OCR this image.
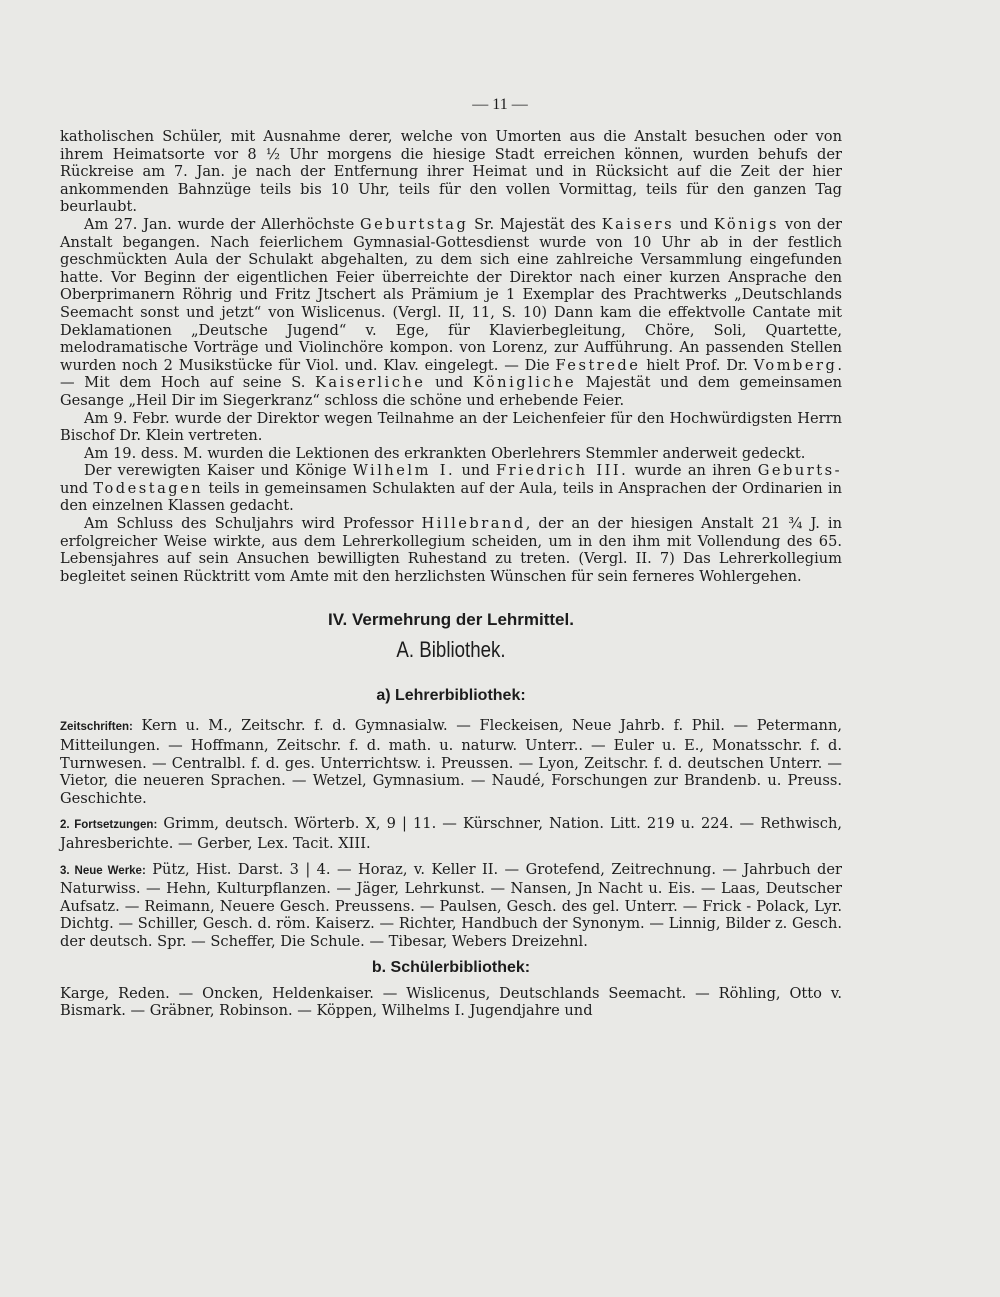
— 11 —

katholischen Schüler, mit Ausnahme derer, welche von Umorten aus die Anstalt besuchen oder von ihrem Heimatsorte vor 8 ½ Uhr morgens die hiesige Stadt erreichen können, wurden behufs der Rückreise am 7. Jan. je nach der Entfernung ihrer Heimat und in Rücksicht auf die Zeit der hier ankommenden Bahnzüge teils bis 10 Uhr, teils für den vollen Vormittag, teils für den ganzen Tag beurlaubt.

Am 27. Jan. wurde der Allerhöchste Geburtstag Sr. Majestät des Kaisers und Königs von der Anstalt begangen. Nach feierlichem Gymnasial-Gottesdienst wurde von 10 Uhr ab in der festlich geschmückten Aula der Schulakt abgehalten, zu dem sich eine zahlreiche Versammlung eingefunden hatte. Vor Beginn der eigentlichen Feier überreichte der Direktor nach einer kurzen Ansprache den Oberprimanern Röhrig und Fritz Jtschert als Prämium je 1 Exemplar des Prachtwerks „Deutschlands Seemacht sonst und jetzt“ von Wislicenus. (Vergl. II, 11, S. 10) Dann kam die effektvolle Cantate mit Deklamationen „Deutsche Jugend“ v. Ege, für Klavierbegleitung, Chöre, Soli, Quartette, melodramatische Vorträge und Violinchöre kompon. von Lorenz, zur Aufführung. An passenden Stellen wurden noch 2 Musikstücke für Viol. und. Klav. eingelegt. — Die Festrede hielt Prof. Dr. Vomberg. — Mit dem Hoch auf seine S. Kaiserliche und Königliche Majestät und dem gemeinsamen Gesange „Heil Dir im Siegerkranz“ schloss die schöne und erhebende Feier.

Am 9. Febr. wurde der Direktor wegen Teilnahme an der Leichenfeier für den Hochwürdigsten Herrn Bischof Dr. Klein vertreten.

Am 19. dess. M. wurden die Lektionen des erkrankten Oberlehrers Stemmler anderweit gedeckt.

Der verewigten Kaiser und Könige Wilhelm I. und Friedrich III. wurde an ihren Geburts- und Todestagen teils in gemeinsamen Schulakten auf der Aula, teils in Ansprachen der Ordinarien in den einzelnen Klassen gedacht.

Am Schluss des Schuljahrs wird Professor Hillebrand, der an der hiesigen Anstalt 21 ¾ J. in erfolgreicher Weise wirkte, aus dem Lehrerkollegium scheiden, um in den ihm mit Vollendung des 65. Lebensjahres auf sein Ansuchen bewilligten Ruhestand zu treten. (Vergl. II. 7) Das Lehrerkollegium begleitet seinen Rücktritt vom Amte mit den herzlichsten Wünschen für sein ferneres Wohlergehen.

IV. Vermehrung der Lehrmittel.
A. Bibliothek.
a) Lehrerbibliothek:

Zeitschriften: Kern u. M., Zeitschr. f. d. Gymnasialw. — Fleckeisen, Neue Jahrb. f. Phil. — Petermann, Mitteilungen. — Hoffmann, Zeitschr. f. d. math. u. naturw. Unterr.. — Euler u. E., Monatsschr. f. d. Turnwesen. — Centralbl. f. d. ges. Unterrichtsw. i. Preussen. — Lyon, Zeitschr. f. d. deutschen Unterr. — Vietor, die neueren Sprachen. — Wetzel, Gymnasium. — Naudé, Forschungen zur Brandenb. u. Preuss. Geschichte.

2. Fortsetzungen: Grimm, deutsch. Wörterb. X, 9 | 11. — Kürschner, Nation. Litt. 219 u. 224. — Rethwisch, Jahresberichte. — Gerber, Lex. Tacit. XIII.

3. Neue Werke: Pütz, Hist. Darst. 3 | 4. — Horaz, v. Keller II. — Grotefend, Zeitrechnung. — Jahrbuch der Naturwiss. — Hehn, Kulturpflanzen. — Jäger, Lehrkunst. — Nansen, Jn Nacht u. Eis. — Laas, Deutscher Aufsatz. — Reimann, Neuere Gesch. Preussens. — Paulsen, Gesch. des gel. Unterr. — Frick - Polack, Lyr. Dichtg. — Schiller, Gesch. d. röm. Kaiserz. — Richter, Handbuch der Synonym. — Linnig, Bilder z. Gesch. der deutsch. Spr. — Scheffer, Die Schule. — Tibesar, Webers Dreizehnl.

b. Schülerbibliothek:

Karge, Reden. — Oncken, Heldenkaiser. — Wislicenus, Deutschlands Seemacht. — Röhling, Otto v. Bismark. — Gräbner, Robinson. — Köppen, Wilhelms I. Jugendjahre und
